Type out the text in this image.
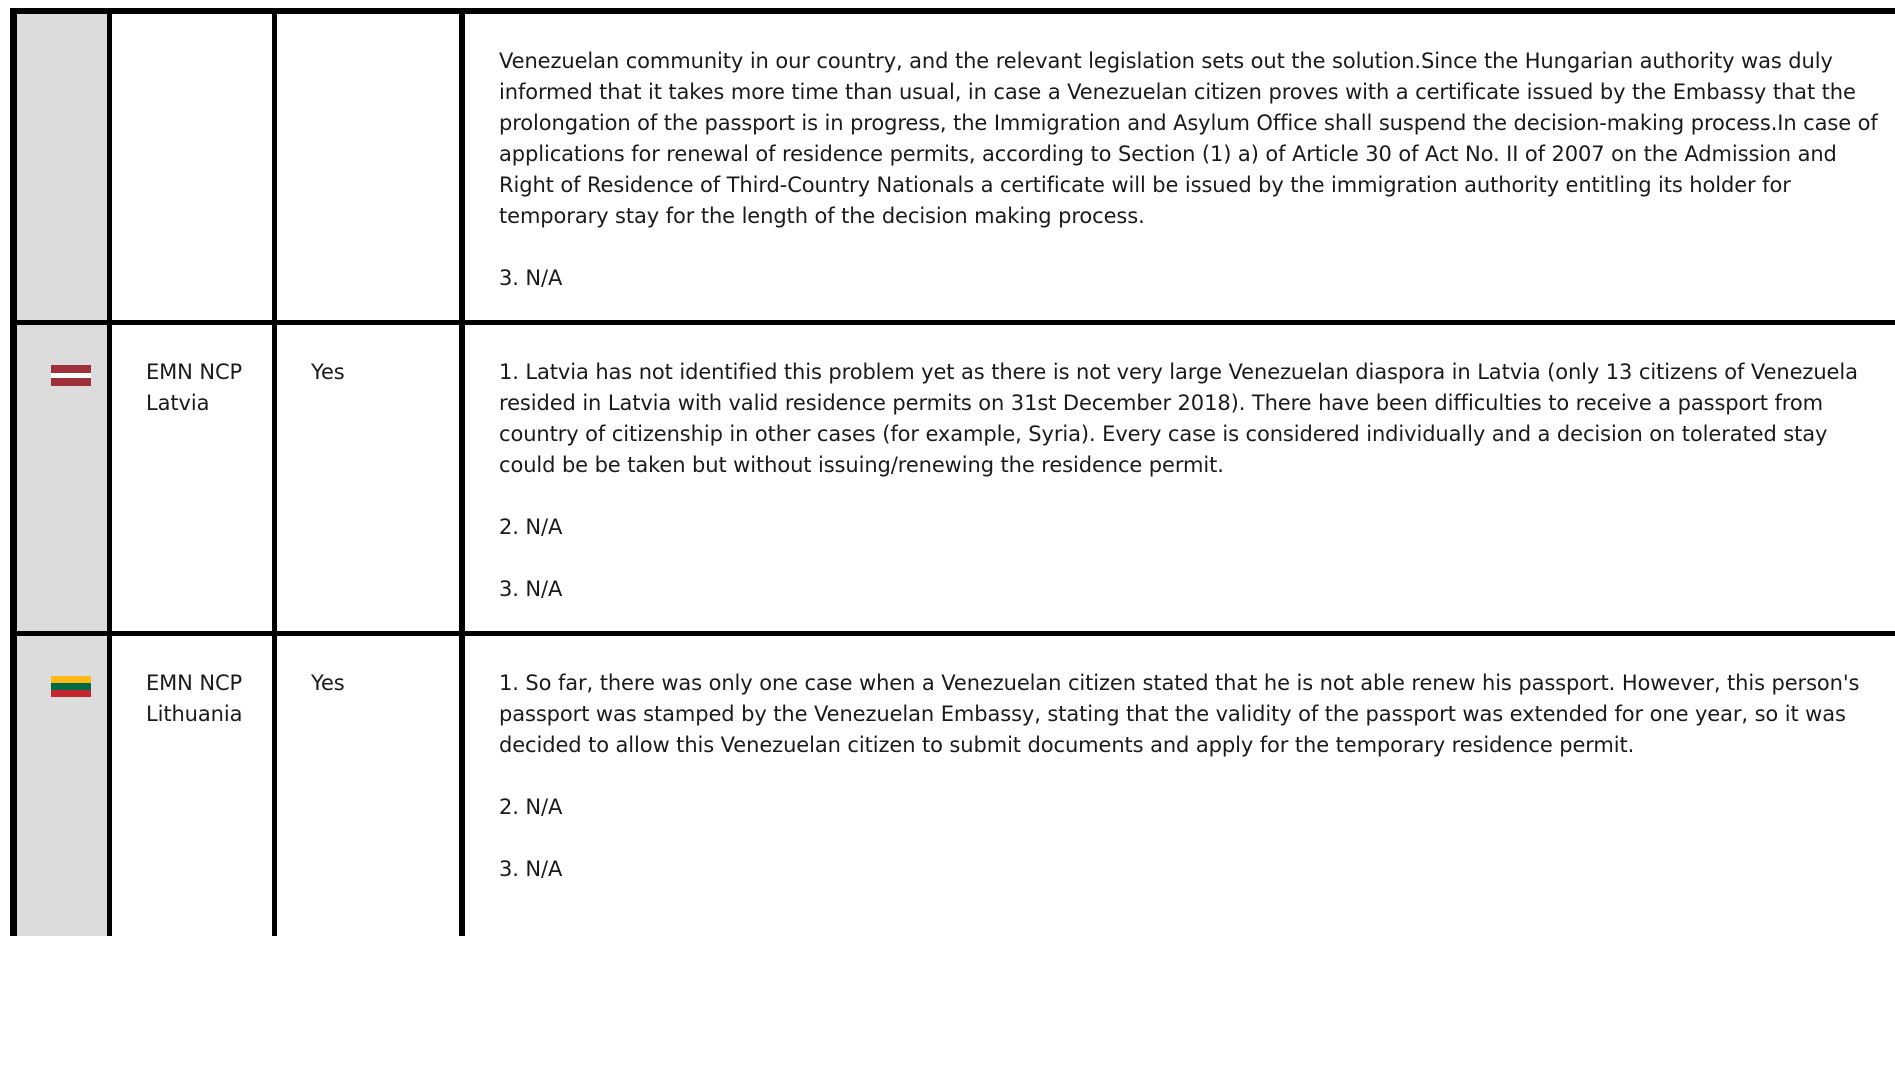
			Venezuelan community in our country, and the relevant legislation sets out the solution.Since the Hungarian authority was duly informed that it takes more time than usual, in case a Venezuelan citizen proves with a certificate issued by the Embassy that the prolongation of the passport is in progress, the Immigration and Asylum Office shall suspend the decision-making process.In case of applications for renewal of residence permits, according to Section (1) a) of Article 30 of Act No. II of 2007 on the Admission and Right of Residence of Third-Country Nationals a certificate will be issued by the immigration authority entitling its holder for temporary stay for the length of the decision making process.

3. N/A

	EMN NCP Latvia	Yes	1. Latvia has not identified this problem yet as there is not very large Venezuelan diaspora in Latvia (only 13 citizens of Venezuela resided in Latvia with valid residence permits on 31st December 2018). There have been difficulties to receive a passport from country of citizenship in other cases (for example, Syria). Every case is considered individually and a decision on tolerated stay could be be taken but without issuing/renewing the residence permit.

2. N/A

3. N/A

	EMN NCP Lithuania	Yes	1. So far, there was only one case when a Venezuelan citizen stated that he is not able renew his passport. However, this person's passport was stamped by the Venezuelan Embassy, stating that the validity of the passport was extended for one year, so it was decided to allow this Venezuelan citizen to submit documents and apply for the temporary residence permit.

2. N/A

3. N/A
